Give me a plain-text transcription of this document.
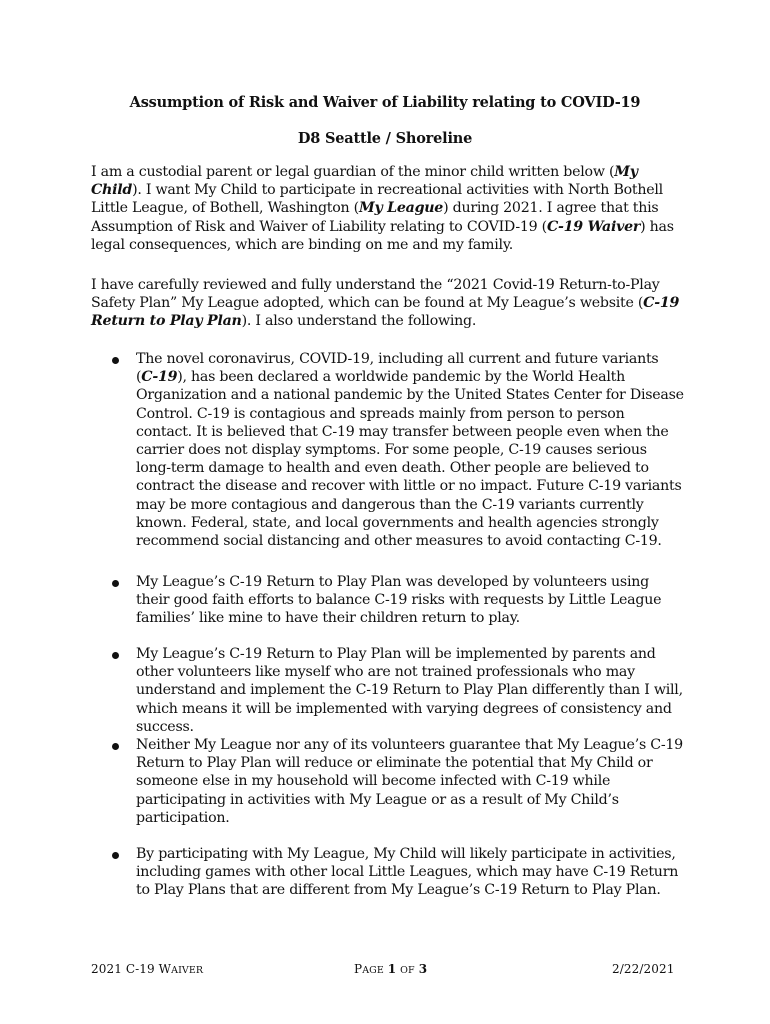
Assumption of Risk and Waiver of Liability relating to COVID-19
D8 Seattle / Shoreline
I am a custodial parent or legal guardian of the minor child written below (My Child). I want My Child to participate in recreational activities with North Bothell Little League, of Bothell, Washington (My League) during 2021. I agree that this Assumption of Risk and Waiver of Liability relating to COVID-19 (C-19 Waiver) has legal consequences, which are binding on me and my family.
I have carefully reviewed and fully understand the “2021 Covid-19 Return-to-Play Safety Plan” My League adopted, which can be found at My League’s website (C-19 Return to Play Plan). I also understand the following.
The novel coronavirus, COVID-19, including all current and future variants (C-19), has been declared a worldwide pandemic by the World Health Organization and a national pandemic by the United States Center for Disease Control. C-19 is contagious and spreads mainly from person to person contact. It is believed that C-19 may transfer between people even when the carrier does not display symptoms. For some people, C-19 causes serious long-term damage to health and even death. Other people are believed to contract the disease and recover with little or no impact. Future C-19 variants may be more contagious and dangerous than the C-19 variants currently known. Federal, state, and local governments and health agencies strongly recommend social distancing and other measures to avoid contacting C-19.
My League’s C-19 Return to Play Plan was developed by volunteers using their good faith efforts to balance C-19 risks with requests by Little League families’ like mine to have their children return to play.
My League’s C-19 Return to Play Plan will be implemented by parents and other volunteers like myself who are not trained professionals who may understand and implement the C-19 Return to Play Plan differently than I will, which means it will be implemented with varying degrees of consistency and success.
Neither My League nor any of its volunteers guarantee that My League’s C-19 Return to Play Plan will reduce or eliminate the potential that My Child or someone else in my household will become infected with C-19 while participating in activities with My League or as a result of My Child’s participation.
By participating with My League, My Child will likely participate in activities, including games with other local Little Leagues, which may have C-19 Return to Play Plans that are different from My League’s C-19 Return to Play Plan.
2021 C-19 WAIVER	PAGE 1 OF 3	2/22/2021
